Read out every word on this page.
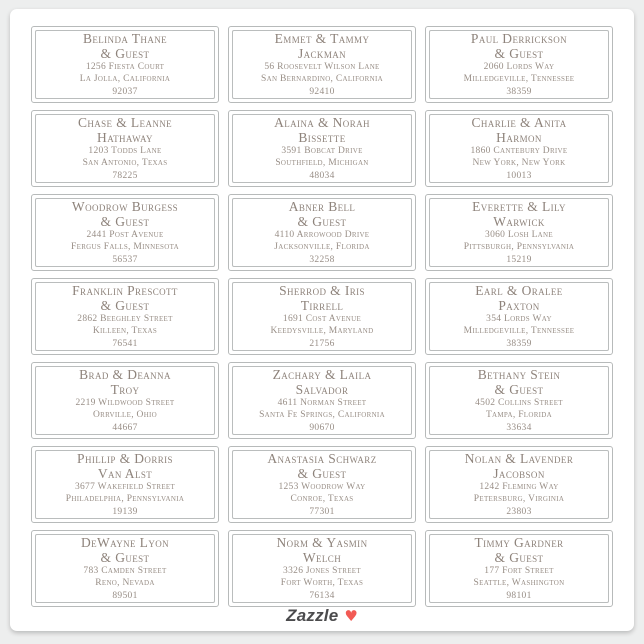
Belinda Thane
& Guest
1256 Fiesta Court
La Jolla, California
92037
Emmet & Tammy
Jackman
56 Roosevelt Wilson Lane
San Bernardino, California
92410
Paul Derrickson
& Guest
2060 Lords Way
Milledgeville, Tennessee
38359
Chase & Leanne
Hathaway
1203 Todds Lane
San Antonio, Texas
78225
Alaina & Norah
Bissette
3591 Bobcat Drive
Southfield, Michigan
48034
Charlie & Anita
Harmon
1860 Cantebury Drive
New York, New York
10013
Woodrow Burgess
& Guest
2441 Post Avenue
Fergus Falls, Minnesota
56537
Abner Bell
& Guest
4110 Arrowood Drive
Jacksonville, Florida
32258
Everette & Lily
Warwick
3060 Losh Lane
Pittsburgh, Pennsylvania
15219
Franklin Prescott
& Guest
2862 Beeghley Street
Killeen, Texas
76541
Sherrod & Iris
Tirrell
1691 Cost Avenue
Keedysville, Maryland
21756
Earl & Oralee
Paxton
354 Lords Way
Milledgeville, Tennessee
38359
Brad & Deanna
Troy
2219 Wildwood Street
Orrville, Ohio
44667
Zachary & Laila
Salvador
4611 Norman Street
Santa Fe Springs, California
90670
Bethany Stein
& Guest
4502 Collins Street
Tampa, Florida
33634
Phillip & Dorris
Van Alst
3677 Wakefield Street
Philadelphia, Pennsylvania
19139
Anastasia Schwarz
& Guest
1253 Woodrow Way
Conroe, Texas
77301
Nolan & Lavender
Jacobson
1242 Fleming Way
Petersburg, Virginia
23803
DeWayne Lyon
& Guest
783 Camden Street
Reno, Nevada
89501
Norm & Yasmin
Welch
3326 Jones Street
Fort Worth, Texas
76134
Timmy Gardner
& Guest
177 Fort Street
Seattle, Washington
98101
Zazzle ♥
